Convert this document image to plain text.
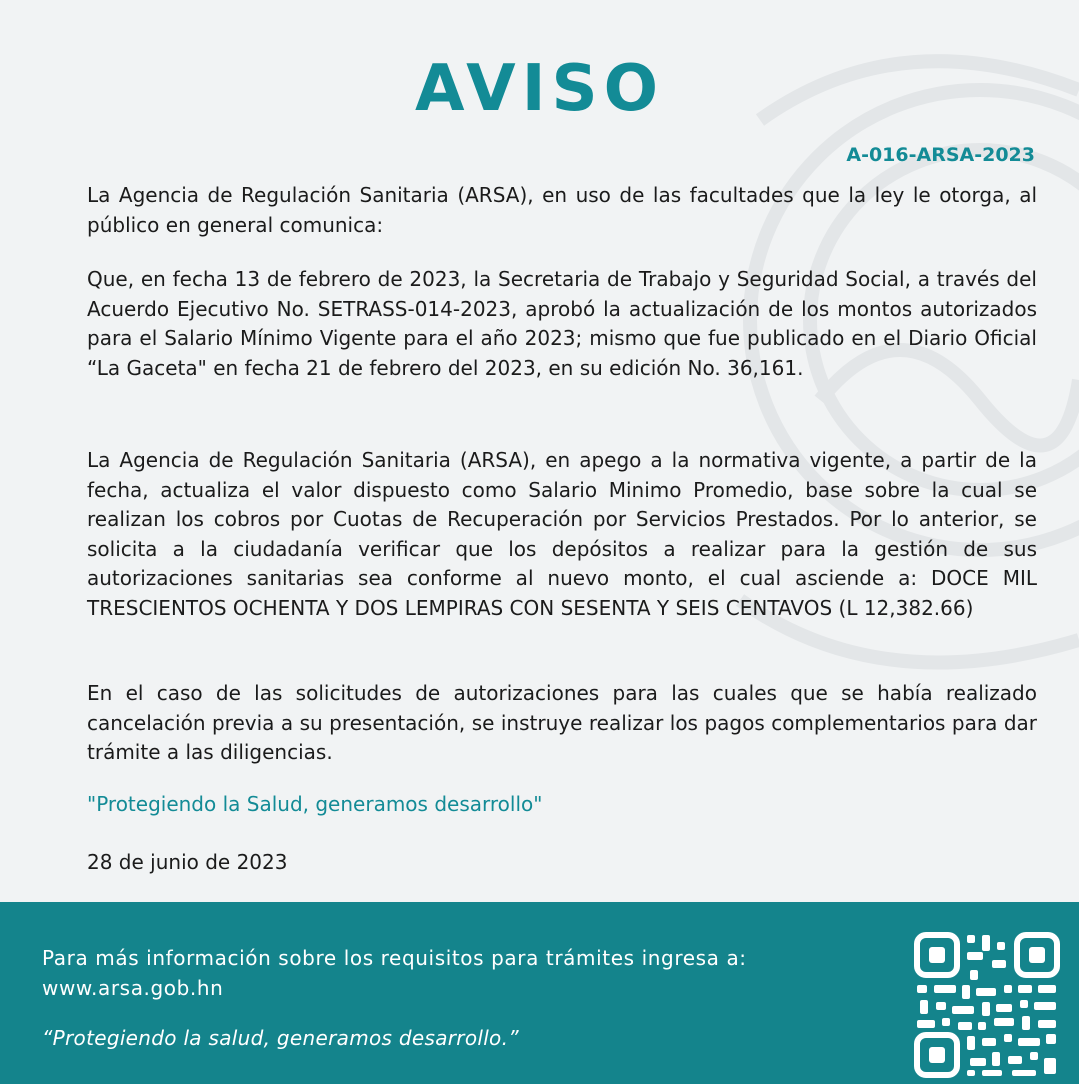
AVISO
A-016-ARSA-2023

La Agencia de Regulación Sanitaria (ARSA), en uso de las facultades que la ley le otorga, al público en general comunica:

Que, en fecha 13 de febrero de 2023, la Secretaria de Trabajo y Seguridad Social, a través del Acuerdo Ejecutivo No. SETRASS-014-2023, aprobó la actualización de los montos autorizados para el Salario Mínimo Vigente para el año 2023; mismo que fue publicado en el Diario Oficial “La Gaceta" en fecha 21 de febrero del 2023, en su edición No. 36,161.

La Agencia de Regulación Sanitaria (ARSA), en apego a la normativa vigente, a partir de la fecha, actualiza el valor dispuesto como Salario Minimo Promedio, base sobre la cual se realizan los cobros por Cuotas de Recuperación por Servicios Prestados. Por lo anterior, se solicita a la ciudadanía verificar que los depósitos a realizar para la gestión de sus autorizaciones sanitarias sea conforme al nuevo monto, el cual asciende a: DOCE MIL TRESCIENTOS OCHENTA Y DOS LEMPIRAS CON SESENTA Y SEIS CENTAVOS (L 12,382.66)

En el caso de las solicitudes de autorizaciones para las cuales que se había realizado cancelación previa a su presentación, se instruye realizar los pagos complementarios para dar trámite a las diligencias.

"Protegiendo la Salud, generamos desarrollo"

28 de junio de 2023

Para más información sobre los requisitos para trámites ingresa a:

www.arsa.gob.hn
“Protegiendo la salud, generamos desarrollo.”
